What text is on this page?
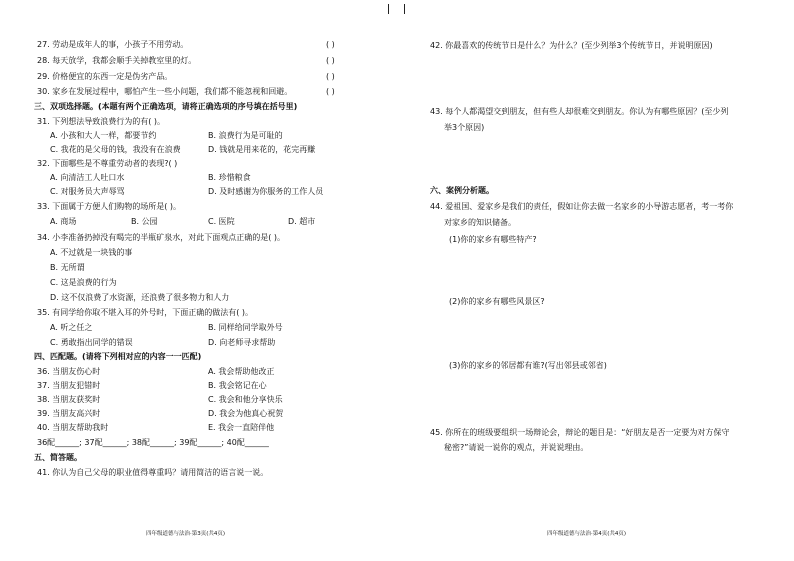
27. 劳动是成年人的事，小孩子不用劳动。	( )
28. 每天放学，我都会顺手关掉教室里的灯。	( )
29. 价格便宜的东西一定是伪劣产品。	( )
30. 家乡在发展过程中，哪怕产生一些小问题，我们都不能忽视和回避。	( )
三、双项选择题。(本题有两个正确选项，请将正确选项的序号填在括号里)
31. 下列想法导致浪费行为的有( )。
A. 小孩和大人一样，都要节约	B. 浪费行为是可耻的
C. 我花的是父母的钱，我没有在浪费	D. 钱就是用来花的，花完再赚
32. 下面哪些是不尊重劳动者的表现?( )
A. 向清洁工人吐口水	B. 珍惜粮食
C. 对服务员大声辱骂	D. 及时感谢为你服务的工作人员
33. 下面属于方便人们购物的场所是( )。
A. 商场	B. 公园	C. 医院	D. 超市
34. 小李准备扔掉没有喝完的半瓶矿泉水，对此下面观点正确的是( )。
A. 不过就是一块钱的事
B. 无所谓
C. 这是浪费的行为
D. 这不仅浪费了水资源，还浪费了很多物力和人力
35. 有同学给你取不堪入耳的外号时，下面正确的做法有( )。
A. 听之任之	B. 同样给同学取外号
C. 勇敢指出同学的错误	D. 向老师寻求帮助
四、匹配题。(请将下列相对应的内容一一匹配)
36. 当朋友伤心时	A. 我会帮助他改正
37. 当朋友犯错时	B. 我会铭记在心
38. 当朋友获奖时	C. 我会和他分享快乐
39. 当朋友高兴时	D. 我会为他真心祝贺
40. 当朋友帮助我时	E. 我会一直陪伴他
36配______; 37配______; 38配______; 39配______; 40配______
五、简答题。
41. 你认为自己父母的职业值得尊重吗？请用简洁的语言说一说。
四年级道德与法治·第3页(共4页)
42. 你最喜欢的传统节日是什么？为什么？(至少列举3个传统节日，并说明原因)
43. 每个人都渴望交到朋友，但有些人却很难交到朋友。你认为有哪些原因？(至少列
举3个原因)
六、案例分析题。
44. 爱祖国、爱家乡是我们的责任，假如让你去做一名家乡的小导游志愿者，考一考你
对家乡的知识储备。
(1)你的家乡有哪些特产?
(2)你的家乡有哪些风景区?
(3)你的家乡的邻居都有谁?(写出邻县或邻省)
45. 你所在的班级要组织一场辩论会，辩论的题目是：“好朋友是否一定要为对方保守
秘密?”请说一说你的观点，并说说理由。
四年级道德与法治·第4页(共4页)
